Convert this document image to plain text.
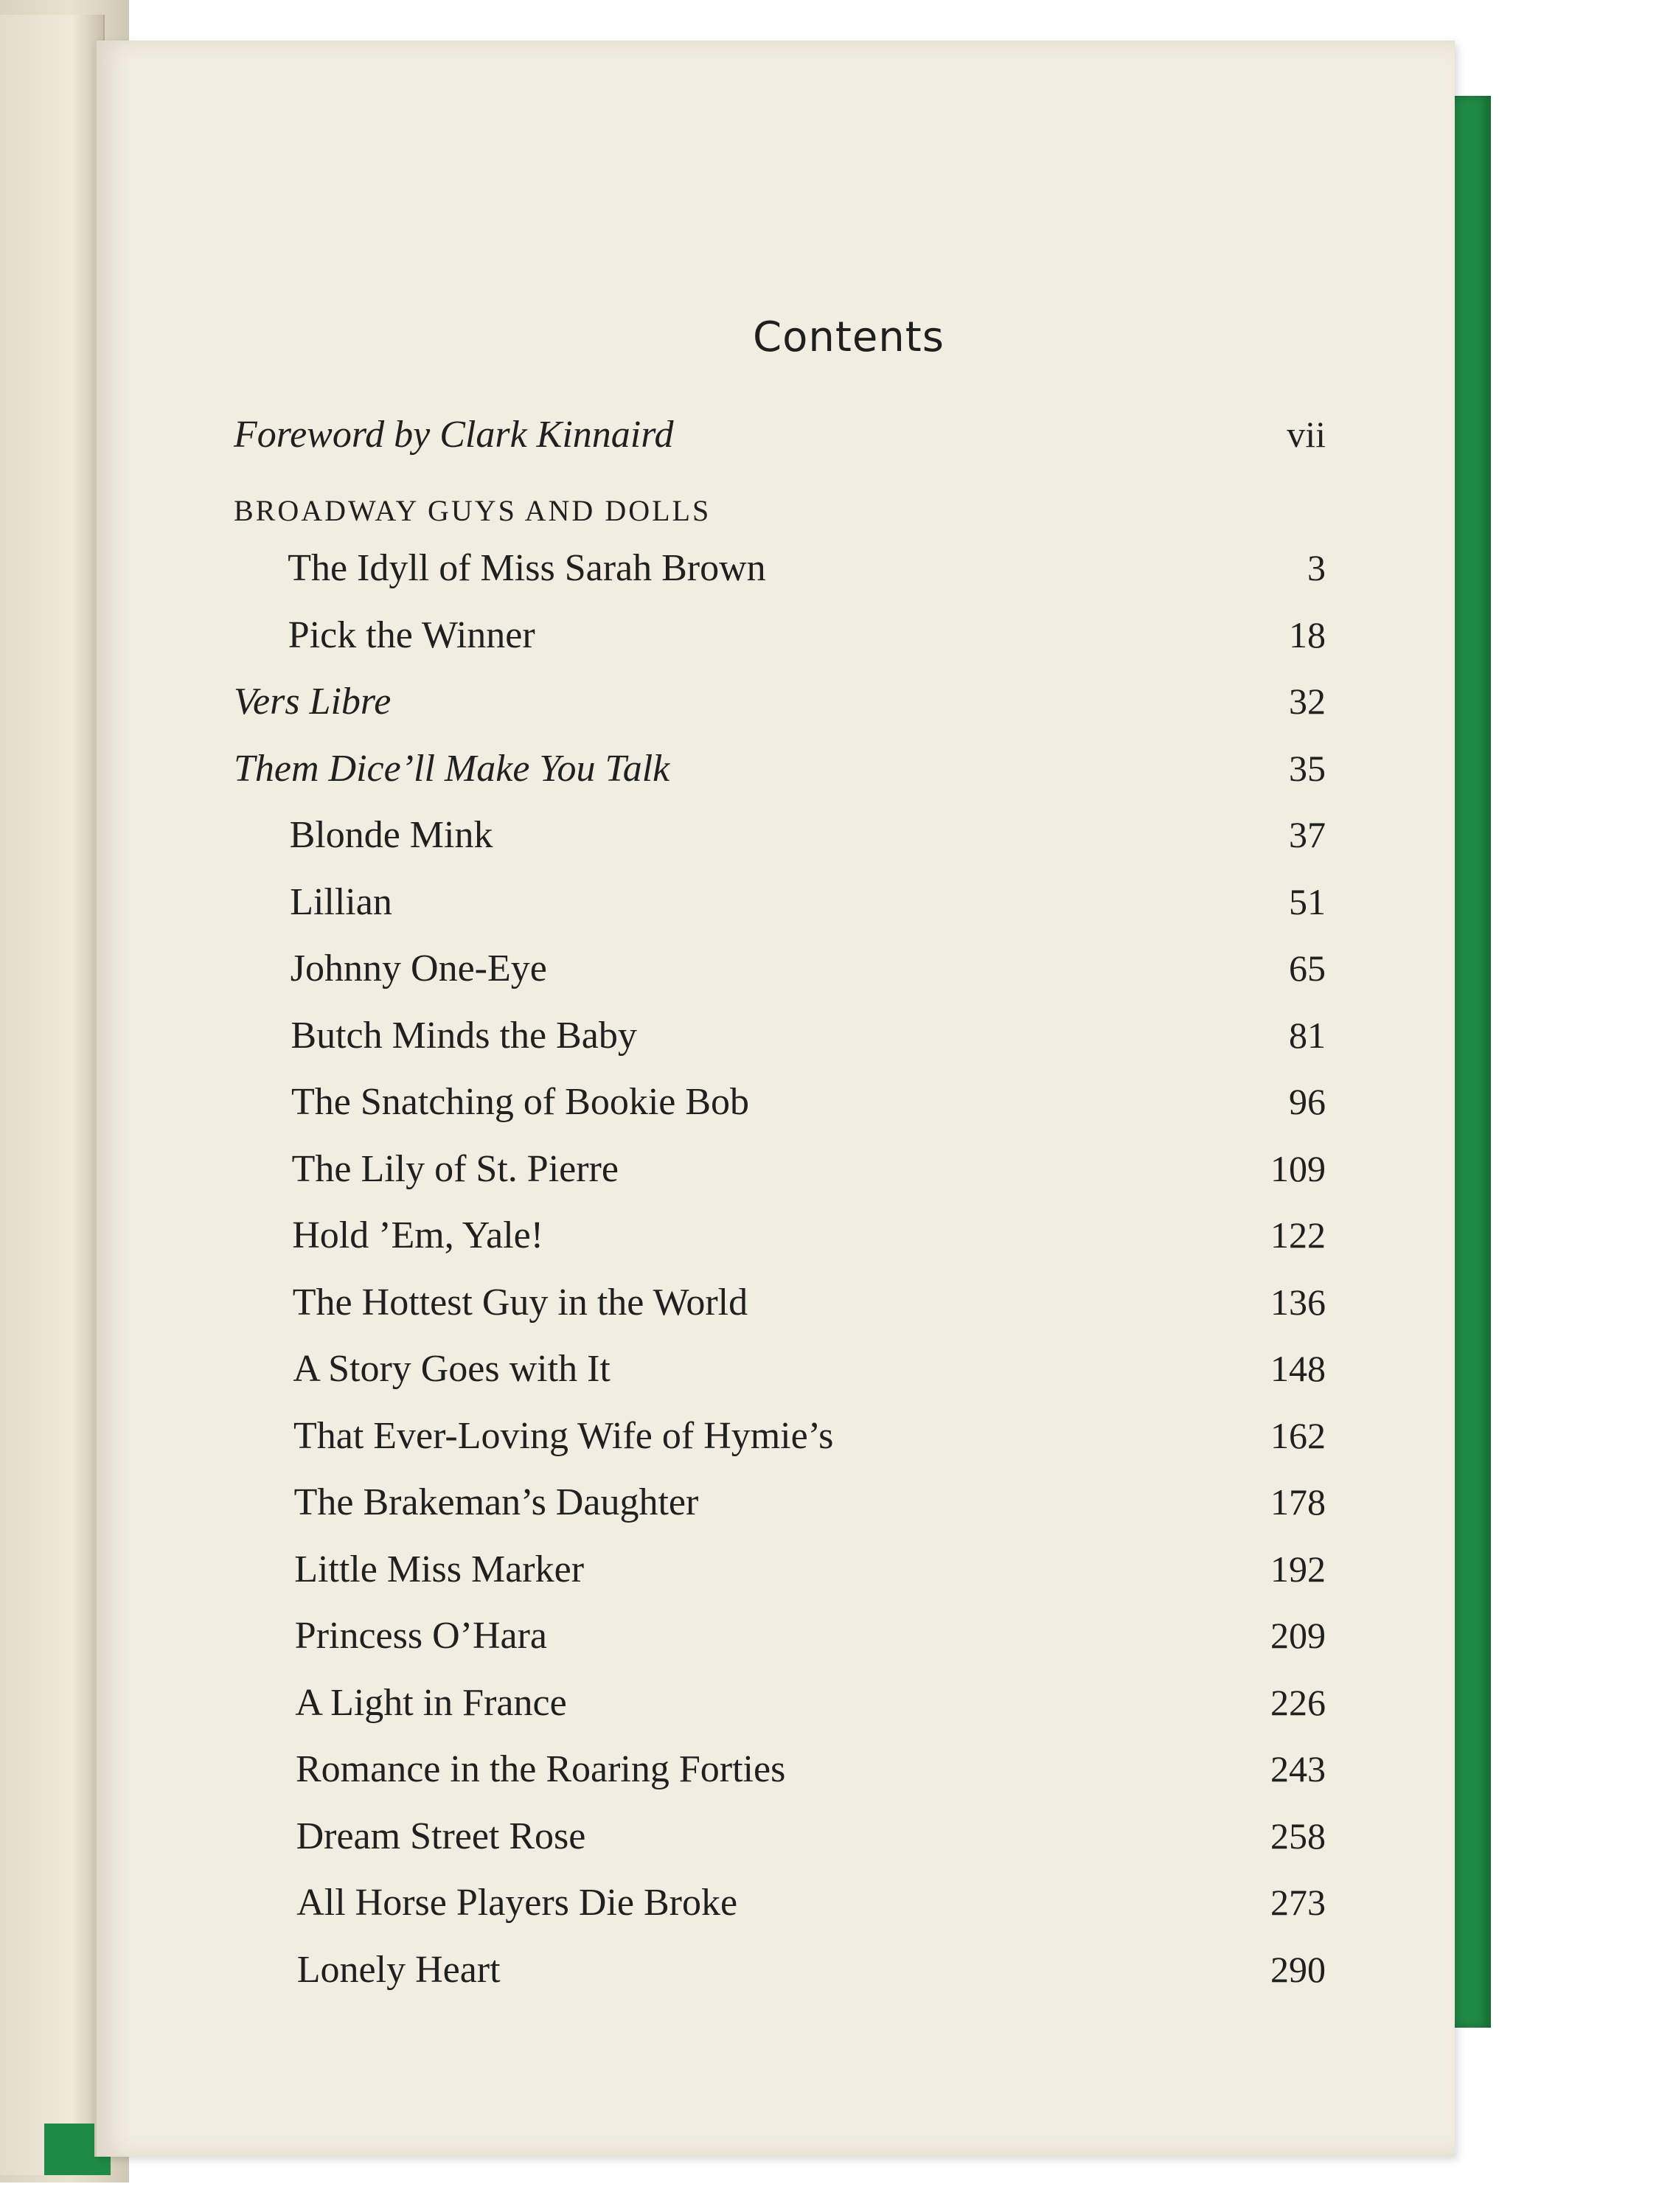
Contents
Foreword by Clark Kinnaird	vii
BROADWAY GUYS AND DOLLS
The Idyll of Miss Sarah Brown	3
Pick the Winner	18
Vers Libre	32
Them Dice’ll Make You Talk	35
Blonde Mink	37
Lillian	51
Johnny One-Eye	65
Butch Minds the Baby	81
The Snatching of Bookie Bob	96
The Lily of St. Pierre	109
Hold ’Em, Yale!	122
The Hottest Guy in the World	136
A Story Goes with It	148
That Ever-Loving Wife of Hymie’s	162
The Brakeman’s Daughter	178
Little Miss Marker	192
Princess O’Hara	209
A Light in France	226
Romance in the Roaring Forties	243
Dream Street Rose	258
All Horse Players Die Broke	273
Lonely Heart	290
